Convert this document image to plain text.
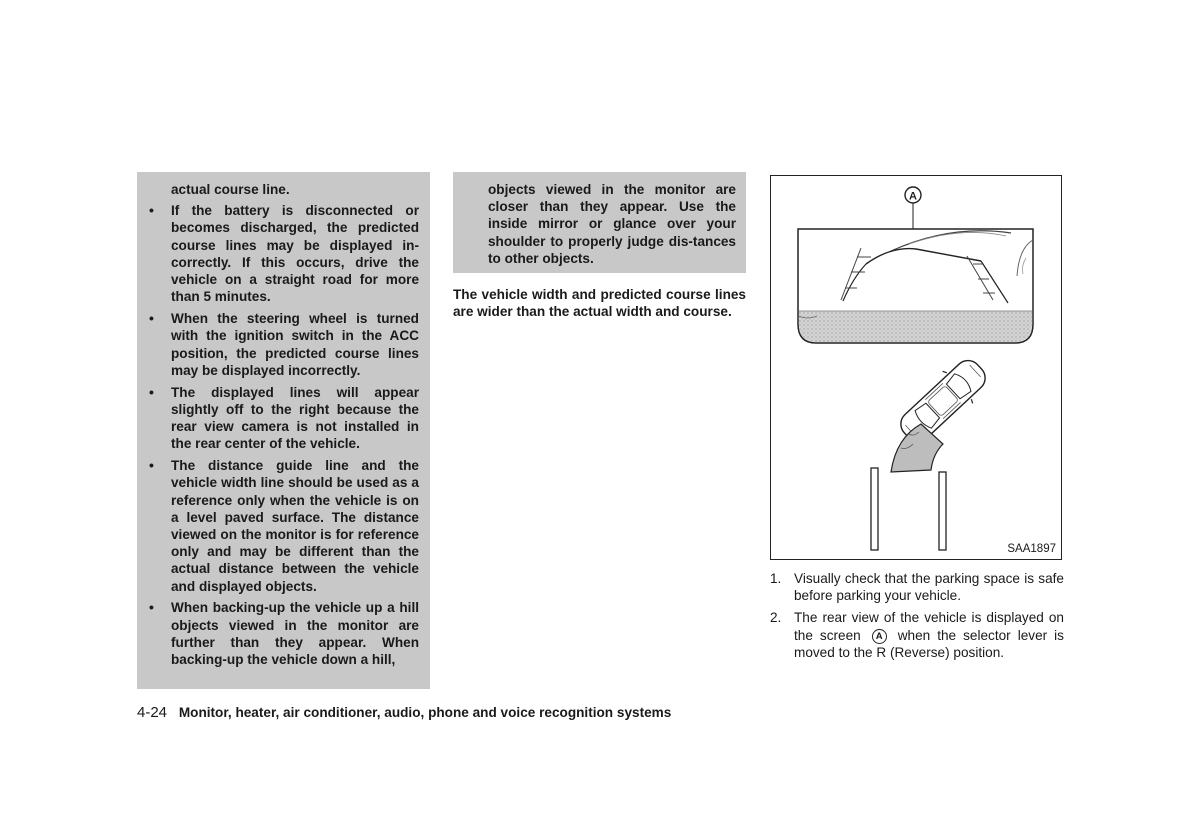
actual course line.

• If the battery is disconnected or becomes discharged, the predicted course lines may be displayed in-correctly. If this occurs, drive the vehicle on a straight road for more than 5 minutes.
• When the steering wheel is turned with the ignition switch in the ACC position, the predicted course lines may be displayed incorrectly.
• The displayed lines will appear slightly off to the right because the rear view camera is not installed in the rear center of the vehicle.
• The distance guide line and the vehicle width line should be used as a reference only when the vehicle is on a level paved surface. The distance viewed on the monitor is for reference only and may be different than the actual distance between the vehicle and displayed objects.
• When backing-up the vehicle up a hill objects viewed in the monitor are further than they appear. When backing-up the vehicle down a hill,

objects viewed in the monitor are closer than they appear. Use the inside mirror or glance over your shoulder to properly judge dis-tances to other objects.

The vehicle width and predicted course lines are wider than the actual width and course.

A
SAA1897
1. Visually check that the parking space is safe before parking your vehicle.
2. The rear view of the vehicle is displayed on the screen A when the selector lever is moved to the R (Reverse) position.
4-24 Monitor, heater, air conditioner, audio, phone and voice recognition systems
